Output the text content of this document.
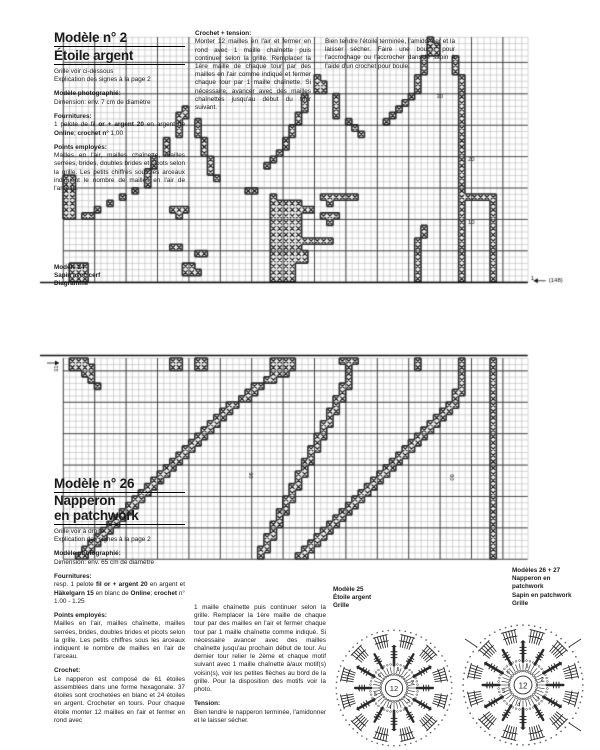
Modèle n° 2
Étoile argent
Grille voir ci-dessous
Explication des signes à la page 2
Modèle photographié:
Dimension: env. 7 cm de diamètre
Fournitures:
1 pelote de fil or + argent 20 en argent de Online; crochet n° 1,00
Points employés:
Mailles en l'air, mailles chaînette, mailles serrées, brides, doubles brides et picots selon la grille. Les petits chiffres sous les arceaux indiquent le nombre de mailles en l'air de l'arceau.
Crochet + tension:
Monter 12 mailles en l'air et fermer en rond avec 1 maille chaînette puis continuer selon la grille. Remplacer la 1ère maille de chaque tour par des mailles en l'air comme indiqué et fermer chaque tour par 1 maille chaînette. Si nécessaire, avancer avec des mailles chaînettes jusqu'au début du tour suivant.
Bien tendre l'étoile terminée, l'amidonner et la laisser sécher. Faire une boucle pour l'accrochage ou l'accrocher dans le sapin à l'aide d'un crochet pour boule.
Modèle 24
Sapin avec cerf
Diagramme
Modèle 25
Étoile argent
Grille
Modèles 26 + 27
Napperon en
patchwork
Sapin en patchwork
Grille
Modèle n° 26
Napperon
en patchwork
Grille voir à droite
Explication des signes à la page 2
Modèle photographié:
Dimension: env. 65 cm de diamètre
Fournitures:
resp. 1 pelote fil or + argent 20 en argent et Häkelgarn 15 en blanc de Online; crochet n° 1.00 - 1.25
Points employés:
Mailles en l'air, mailles chaînette, mailles serrées, brides, doubles brides et picots selon la grille. Les petits chiffres sous les arceaux indiquent le nombre de mailles en l'air de l'arceau.
Crochet:
Le napperon est composé de 61 étoiles assemblées dans une forme hexagonale. 37 étoiles sont crochetées en blanc et 24 étoiles en argent. Crocheter en tours. Pour chaque étoile monter 12 mailles en l'air et fermer en rond avec
1 maille chaînette puis continuer selon la grille. Remplacer la 1ère maille de chaque tour par des mailles en l'air et fermer chaque tour par 1 maille chaînette comme indiqué. Si nécessaire avancer avec des mailles chaînette jusqu'au prochain début de tour. Au dernier tour relier le 2ème et chaque motif suivant avec 1 maille chaînette à/aux motif(s) voisin(s), voir les petites flèches au bord de la grille. Pour la disposition des motifs voir la photo.
Tension:
Bien tendre le napperon terminée, l'amidonner et le laisser sécher.
12
1
2
3
4
5
6
12
1
2
3
4
5
6
